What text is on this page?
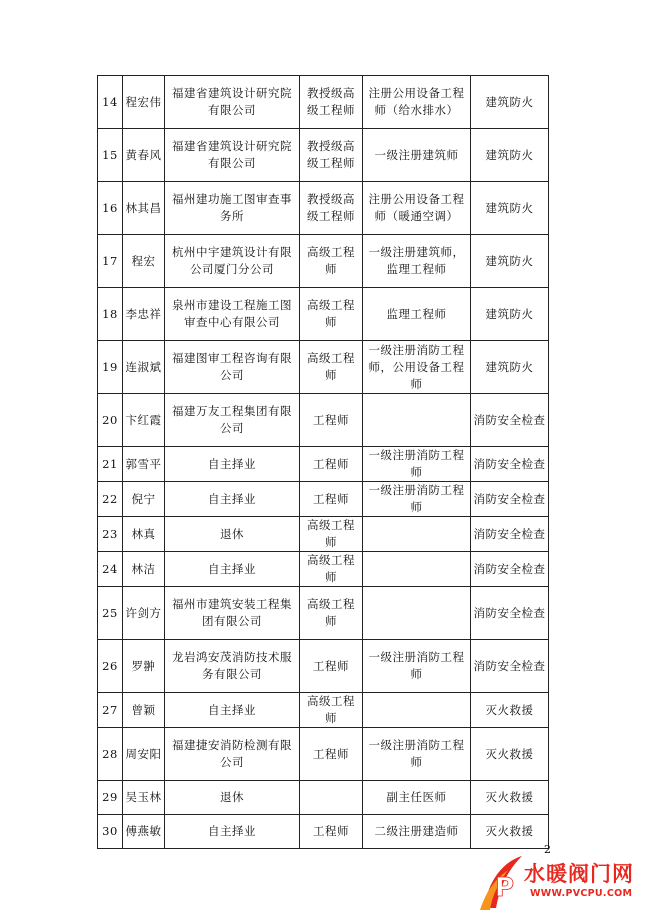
14	程宏伟	福建省建筑设计研究院有限公司	教授级高级工程师	注册公用设备工程师（给水排水）	建筑防火
15	黄春风	福建省建筑设计研究院有限公司	教授级高级工程师	一级注册建筑师	建筑防火
16	林其昌	福州建功施工图审查事务所	教授级高级工程师	注册公用设备工程师（暖通空调）	建筑防火
17	程宏	杭州中宇建筑设计有限公司厦门分公司	高级工程师	一级注册建筑师，监理工程师	建筑防火
18	李忠祥	泉州市建设工程施工图审查中心有限公司	高级工程师	监理工程师	建筑防火
19	连淑斌	福建图审工程咨询有限公司	高级工程师	一级注册消防工程师，公用设备工程师	建筑防火
20	卞红霞	福建万友工程集团有限公司	工程师		消防安全检查
21	郭雪平	自主择业	工程师	一级注册消防工程师	消防安全检查
22	倪宁	自主择业	工程师	一级注册消防工程师	消防安全检查
23	林真	退休	高级工程师		消防安全检查
24	林洁	自主择业	高级工程师		消防安全检查
25	许剑方	福州市建筑安装工程集团有限公司	高级工程师		消防安全检查
26	罗翀	龙岩鸿安茂消防技术服务有限公司	工程师	一级注册消防工程师	消防安全检查
27	曾颖	自主择业	高级工程师		灭火救援
28	周安阳	福建捷安消防检测有限公司	工程师	一级注册消防工程师	灭火救援
29	吴玉林	退休		副主任医师	灭火救援
30	傅燕敏	自主择业	工程师	二级注册建造师	灭火救援
2
P 水暖阀门网
WWW.PVCPU.COM
